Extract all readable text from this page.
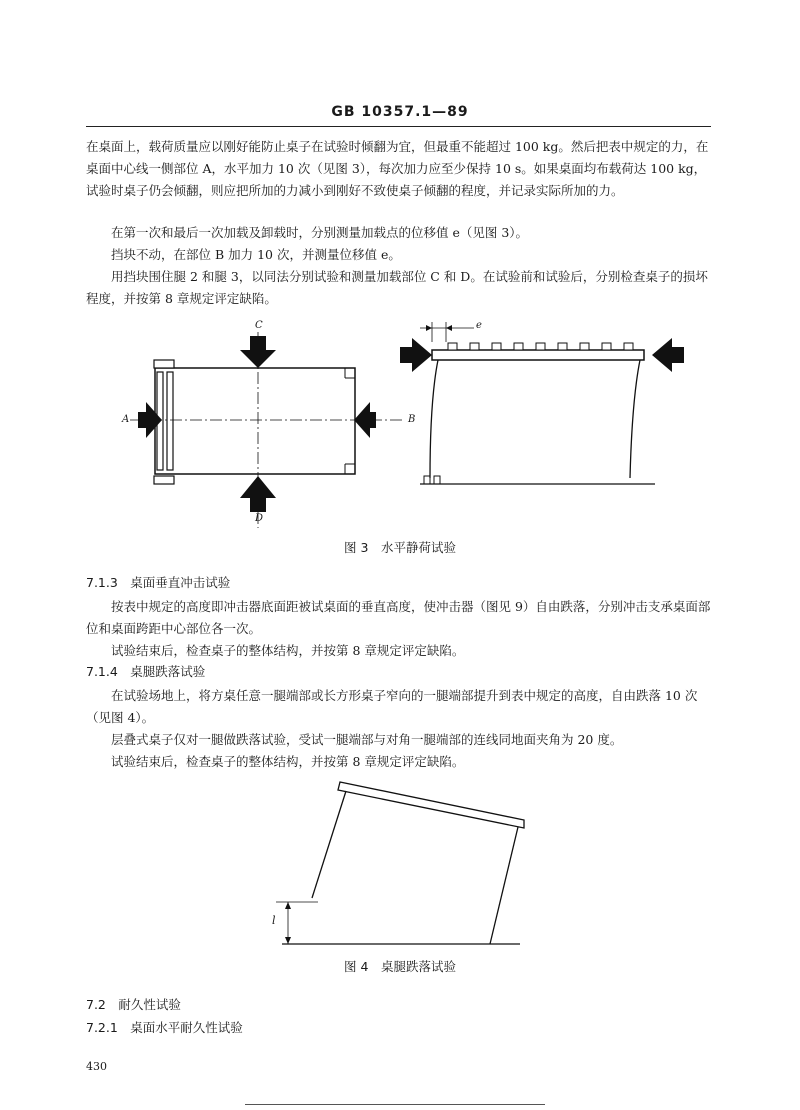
GB 10357.1—89

在桌面上，载荷质量应以刚好能防止桌子在试验时倾翻为宜，但最重不能超过 100 kg。然后把表中规定的力，在桌面中心线一侧部位 A，水平加力 10 次（见图 3），每次加力应至少保持 10 s。如果桌面均布载荷达 100 kg，试验时桌子仍会倾翻，则应把所加的力减小到刚好不致使桌子倾翻的程度，并记录实际所加的力。

在第一次和最后一次加载及卸载时，分别测量加载点的位移值 e（见图 3）。

挡块不动，在部位 B 加力 10 次，并测量位移值 e。

用挡块围住腿 2 和腿 3，以同法分别试验和测量加载部位 C 和 D。在试验前和试验后，分别检查桌子的损坏程度，并按第 8 章规定评定缺陷。

C
D
A	B
e
图 3　水平静荷试验
7.1.3　桌面垂直冲击试验

按表中规定的高度即冲击器底面距被试桌面的垂直高度，使冲击器（图见 9）自由跌落，分别冲击支承桌面部位和桌面跨距中心部位各一次。

试验结束后，检查桌子的整体结构，并按第 8 章规定评定缺陷。

7.1.4　桌腿跌落试验

在试验场地上，将方桌任意一腿端部或长方形桌子窄向的一腿端部提升到表中规定的高度，自由跌落 10 次（见图 4）。

层叠式桌子仅对一腿做跌落试验，受试一腿端部与对角一腿端部的连线同地面夹角为 20 度。

试验结束后，检查桌子的整体结构，并按第 8 章规定评定缺陷。

l
图 4　桌腿跌落试验
7.2　耐久性试验
7.2.1　桌面水平耐久性试验
430
